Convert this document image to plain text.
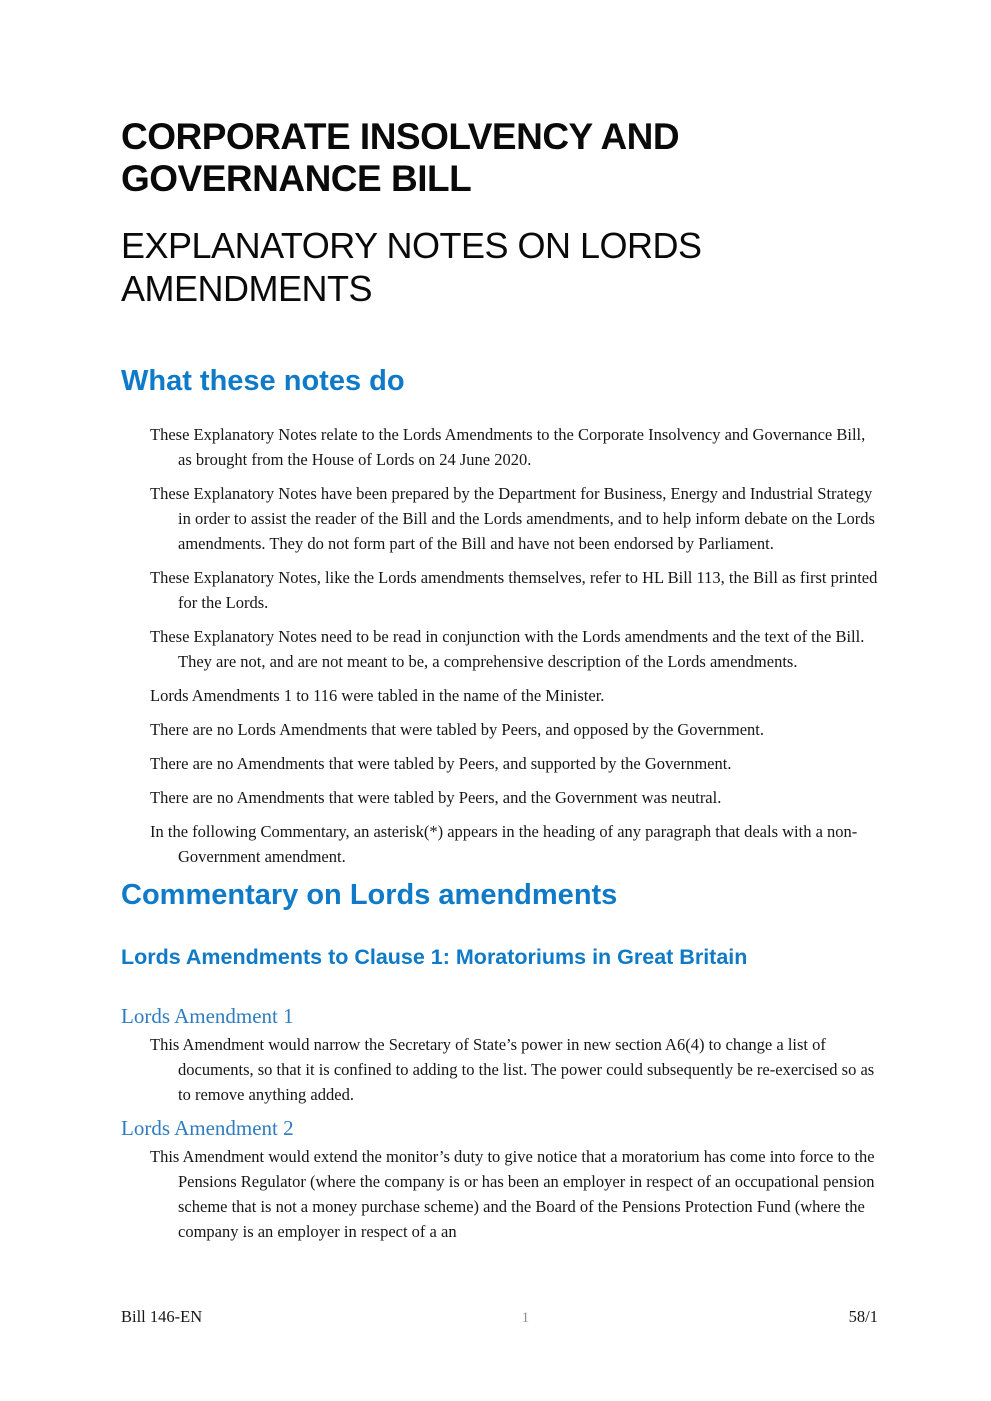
CORPORATE INSOLVENCY AND
GOVERNANCE BILL
EXPLANATORY NOTES ON LORDS
AMENDMENTS
What these notes do

These Explanatory Notes relate to the Lords Amendments to the Corporate Insolvency and Governance Bill, as brought from the House of Lords on 24 June 2020.

These Explanatory Notes have been prepared by the Department for Business, Energy and Industrial Strategy in order to assist the reader of the Bill and the Lords amendments, and to help inform debate on the Lords amendments. They do not form part of the Bill and have not been endorsed by Parliament.

These Explanatory Notes, like the Lords amendments themselves, refer to HL Bill 113, the Bill as first printed for the Lords.

These Explanatory Notes need to be read in conjunction with the Lords amendments and the text of the Bill. They are not, and are not meant to be, a comprehensive description of the Lords amendments.

Lords Amendments 1 to 116 were tabled in the name of the Minister.

There are no Lords Amendments that were tabled by Peers, and opposed by the Government.

There are no Amendments that were tabled by Peers, and supported by the Government.

There are no Amendments that were tabled by Peers, and the Government was neutral.

In the following Commentary, an asterisk(*) appears in the heading of any paragraph that deals with a non-Government amendment.

Commentary on Lords amendments
Lords Amendments to Clause 1: Moratoriums in Great Britain
Lords Amendment 1

This Amendment would narrow the Secretary of State’s power in new section A6(4) to change a list of documents, so that it is confined to adding to the list. The power could subsequently be re-exercised so as to remove anything added.

Lords Amendment 2

This Amendment would extend the monitor’s duty to give notice that a moratorium has come into force to the Pensions Regulator (where the company is or has been an employer in respect of an occupational pension scheme that is not a money purchase scheme) and the Board of the Pensions Protection Fund (where the company is an employer in respect of a an

Bill 146-EN	1	58/1
